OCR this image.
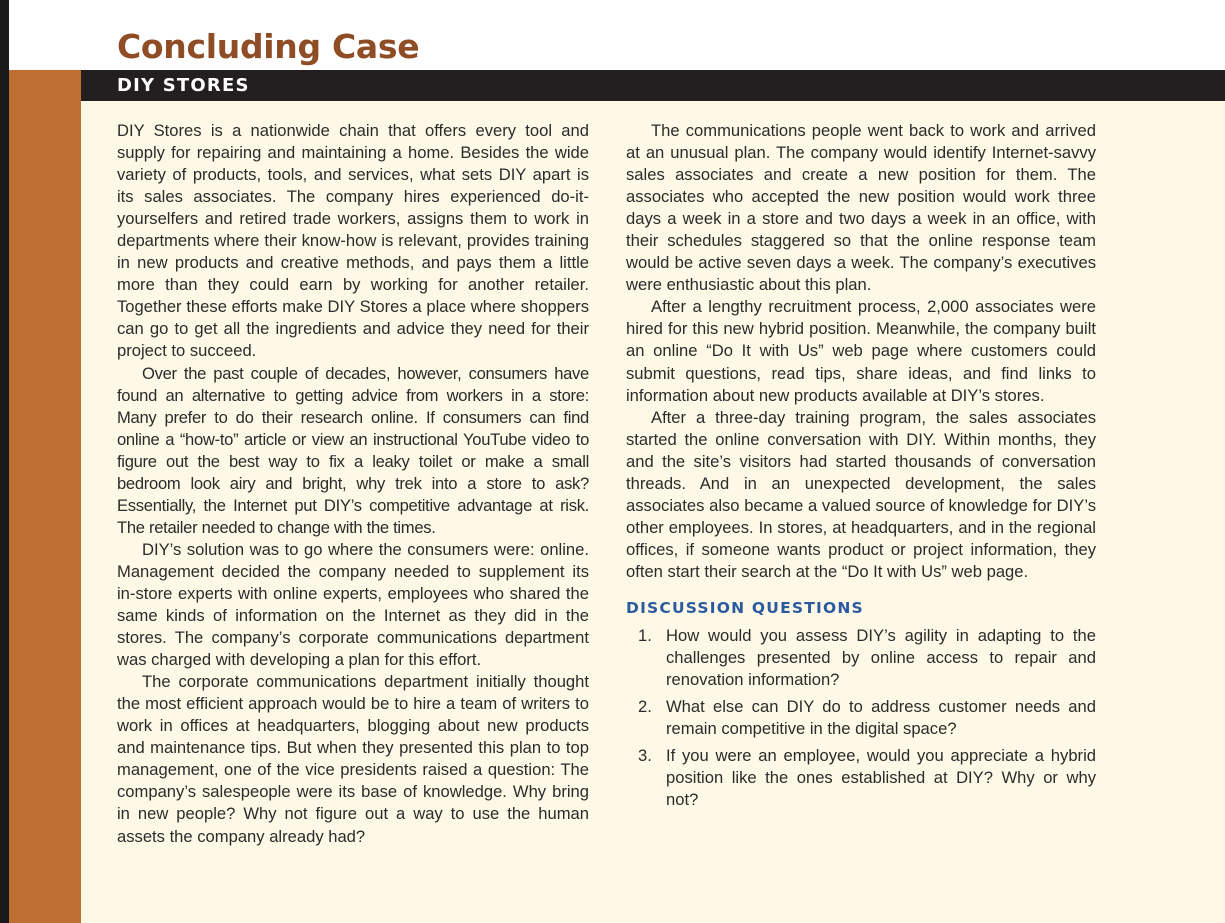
Concluding Case
DIY STORES

DIY Stores is a nationwide chain that offers every tool and supply for repairing and maintaining a home. Besides the wide variety of products, tools, and services, what sets DIY apart is its sales associates. The company hires experienced do-it-yourselfers and retired trade workers, assigns them to work in departments where their know-how is relevant, provides training in new products and creative methods, and pays them a little more than they could earn by working for another retailer. Together these efforts make DIY Stores a place where shoppers can go to get all the ingredients and advice they need for their project to succeed.

Over the past couple of decades, however, consumers have found an alternative to getting advice from workers in a store: Many prefer to do their research online. If consumers can find online a “how-to” article or view an instructional YouTube video to figure out the best way to fix a leaky toilet or make a small bedroom look airy and bright, why trek into a store to ask? Essentially, the Internet put DIY’s competitive advantage at risk. The retailer needed to change with the times.

DIY’s solution was to go where the consumers were: online. Management decided the company needed to supplement its in-store experts with online experts, employees who shared the same kinds of information on the Internet as they did in the stores. The company’s corporate communications department was charged with developing a plan for this effort.

The corporate communications department initially thought the most efficient approach would be to hire a team of writers to work in offices at headquarters, blogging about new products and maintenance tips. But when they presented this plan to top management, one of the vice presidents raised a question: The company’s salespeople were its base of knowledge. Why bring in new people? Why not figure out a way to use the human assets the company already had?

The communications people went back to work and arrived at an unusual plan. The company would identify Internet-savvy sales associates and create a new position for them. The associates who accepted the new position would work three days a week in a store and two days a week in an office, with their schedules staggered so that the online response team would be active seven days a week. The company’s executives were enthusiastic about this plan.

After a lengthy recruitment process, 2,000 associates were hired for this new hybrid position. Meanwhile, the company built an online “Do It with Us” web page where customers could submit questions, read tips, share ideas, and find links to information about new products available at DIY’s stores.

After a three-day training program, the sales associates started the online conversation with DIY. Within months, they and the site’s visitors had started thousands of conversation threads. And in an unexpected development, the sales associates also became a valued source of knowledge for DIY’s other employees. In stores, at headquarters, and in the regional offices, if someone wants product or project information, they often start their search at the “Do It with Us” web page.

DISCUSSION QUESTIONS
1. How would you assess DIY’s agility in adapting to the challenges presented by online access to repair and renovation information?
2. What else can DIY do to address customer needs and remain competitive in the digital space?
3. If you were an employee, would you appreciate a hybrid position like the ones established at DIY? Why or why not?
